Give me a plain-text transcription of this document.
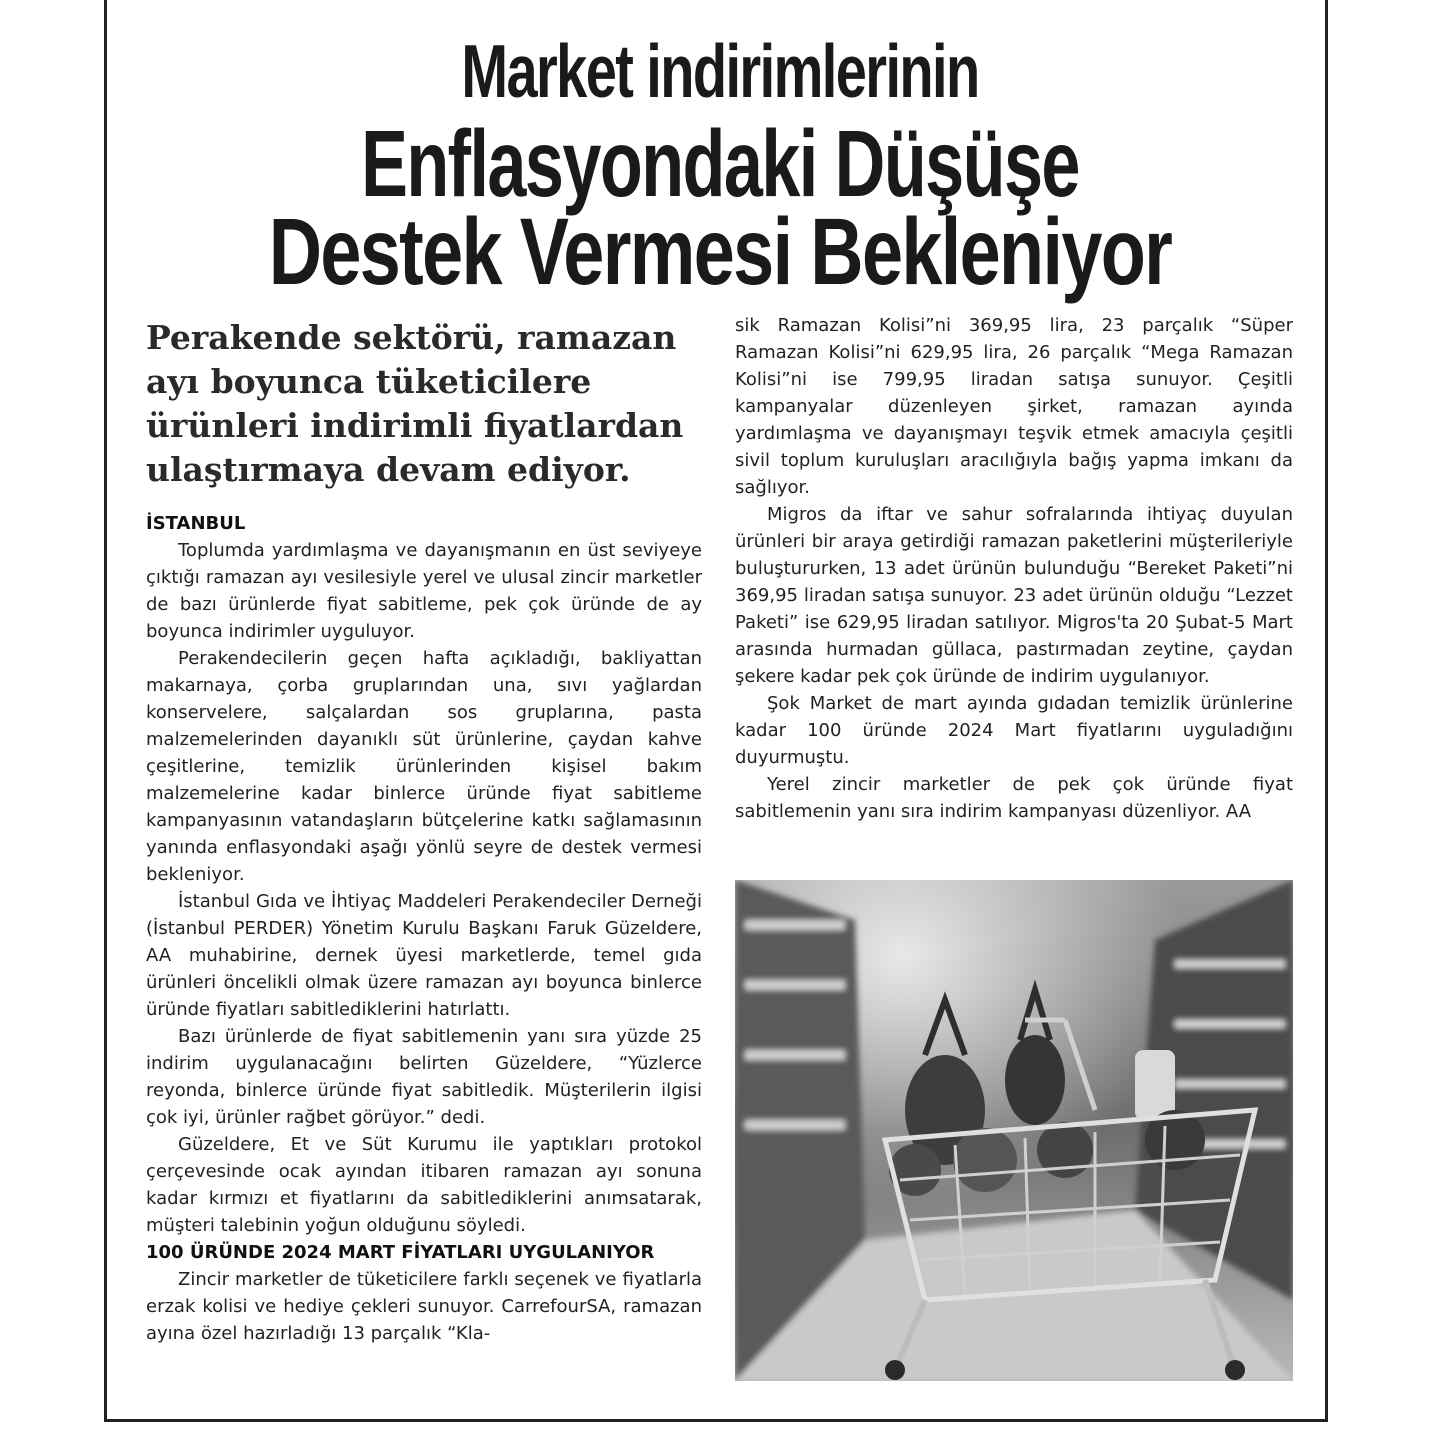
Market indirimlerinin
Enflasyondaki Düşüşe
Destek Vermesi Bekleniyor
Perakende sektörü, ramazan ayı boyunca tüketicilere ürünleri indirimli fiyatlardan ulaştırmaya devam ediyor.
İSTANBUL

Toplumda yardımlaşma ve dayanışmanın en üst seviyeye çıktığı ramazan ayı vesilesiyle yerel ve ulusal zincir marketler de bazı ürünlerde fiyat sabitleme, pek çok üründe de ay boyunca indirimler uyguluyor.

Perakendecilerin geçen hafta açıkladığı, bakliyattan makarnaya, çorba gruplarından una, sıvı yağlardan konservelere, salçalardan sos gruplarına, pasta malzemelerinden dayanıklı süt ürünlerine, çaydan kahve çeşitlerine, temizlik ürünlerinden kişisel bakım malzemelerine kadar binlerce üründe fiyat sabitleme kampanyasının vatandaşların bütçelerine katkı sağlamasının yanında enflasyondaki aşağı yönlü seyre de destek vermesi bekleniyor.

İstanbul Gıda ve İhtiyaç Maddeleri Perakendeciler Derneği (İstanbul PERDER) Yönetim Kurulu Başkanı Faruk Güzeldere, AA muhabirine, dernek üyesi marketlerde, temel gıda ürünleri öncelikli olmak üzere ramazan ayı boyunca binlerce üründe fiyatları sabitlediklerini hatırlattı.

Bazı ürünlerde de fiyat sabitlemenin yanı sıra yüzde 25 indirim uygulanacağını belirten Güzeldere, “Yüzlerce reyonda, binlerce üründe fiyat sabitledik. Müşterilerin ilgisi çok iyi, ürünler rağbet görüyor.” dedi.

Güzeldere, Et ve Süt Kurumu ile yaptıkları protokol çerçevesinde ocak ayından itibaren ramazan ayı sonuna kadar kırmızı et fiyatlarını da sabitlediklerini anımsatarak, müşteri talebinin yoğun olduğunu söyledi.

100 ÜRÜNDE 2024 MART FİYATLARI UYGULANIYOR

Zincir marketler de tüketicilere farklı seçenek ve fiyatlarla erzak kolisi ve hediye çekleri sunuyor. CarrefourSA, ramazan ayına özel hazırladığı 13 parçalık “Kla-

sik Ramazan Kolisi”ni 369,95 lira, 23 parçalık “Süper Ramazan Kolisi”ni 629,95 lira, 26 parçalık “Mega Ramazan Kolisi”ni ise 799,95 liradan satışa sunuyor. Çeşitli kampanyalar düzenleyen şirket, ramazan ayında yardımlaşma ve dayanışmayı teşvik etmek amacıyla çeşitli sivil toplum kuruluşları aracılığıyla bağış yapma imkanı da sağlıyor.

Migros da iftar ve sahur sofralarında ihtiyaç duyulan ürünleri bir araya getirdiği ramazan paketlerini müşterileriyle buluştururken, 13 adet ürünün bulunduğu “Bereket Paketi”ni 369,95 liradan satışa sunuyor. 23 adet ürünün olduğu “Lezzet Paketi” ise 629,95 liradan satılıyor. Migros'ta 20 Şubat-5 Mart arasında hurmadan güllaca, pastırmadan zeytine, çaydan şekere kadar pek çok üründe de indirim uygulanıyor.

Şok Market de mart ayında gıdadan temizlik ürünlerine kadar 100 üründe 2024 Mart fiyatlarını uyguladığını duyurmuştu.

Yerel zincir marketler de pek çok üründe fiyat sabitlemenin yanı sıra indirim kampanyası düzenliyor. AA
